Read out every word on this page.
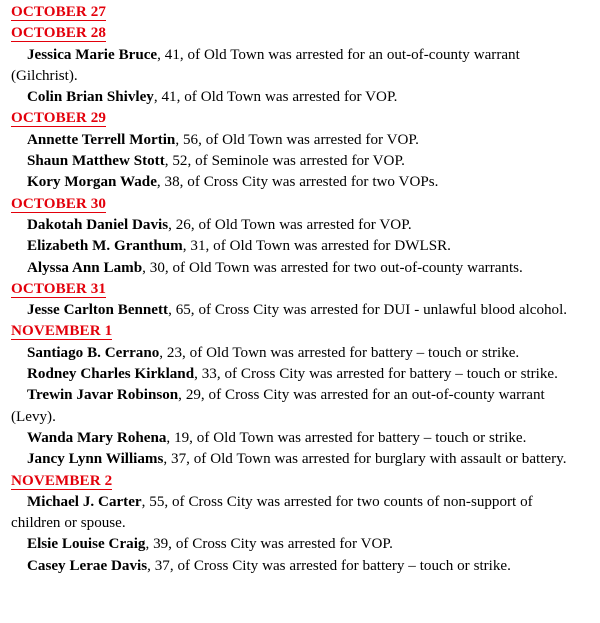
OCTOBER 27
OCTOBER 28

Jessica Marie Bruce, 41, of Old Town was arrested for an out-of-county warrant (Gilchrist).

Colin Brian Shivley, 41, of Old Town was arrested for VOP.

OCTOBER 29

Annette Terrell Mortin, 56, of Old Town was arrested for VOP.

Shaun Matthew Stott, 52, of Seminole was arrested for VOP.

Kory Morgan Wade, 38, of Cross City was arrested for two VOPs.

OCTOBER 30

Dakotah Daniel Davis, 26, of Old Town was arrested for VOP.

Elizabeth M. Granthum, 31, of Old Town was arrested for DWLSR.

Alyssa Ann Lamb, 30, of Old Town was arrested for two out-of-county warrants.

OCTOBER 31

Jesse Carlton Bennett, 65, of Cross City was arrested for DUI - unlawful blood alcohol.

NOVEMBER 1

Santiago B. Cerrano, 23, of Old Town was arrested for battery – touch or strike.

Rodney Charles Kirkland, 33, of Cross City was arrested for battery – touch or strike.

Trewin Javar Robinson, 29, of Cross City was arrested for an out-of-county warrant (Levy).

Wanda Mary Rohena, 19, of Old Town was arrested for battery – touch or strike.

Jancy Lynn Williams, 37, of Old Town was arrested for burglary with assault or battery.

NOVEMBER 2

Michael J. Carter, 55, of Cross City was arrested for two counts of non-support of children or spouse.

Elsie Louise Craig, 39, of Cross City was arrested for VOP.

Casey Lerae Davis, 37, of Cross City was arrested for battery – touch or strike.
